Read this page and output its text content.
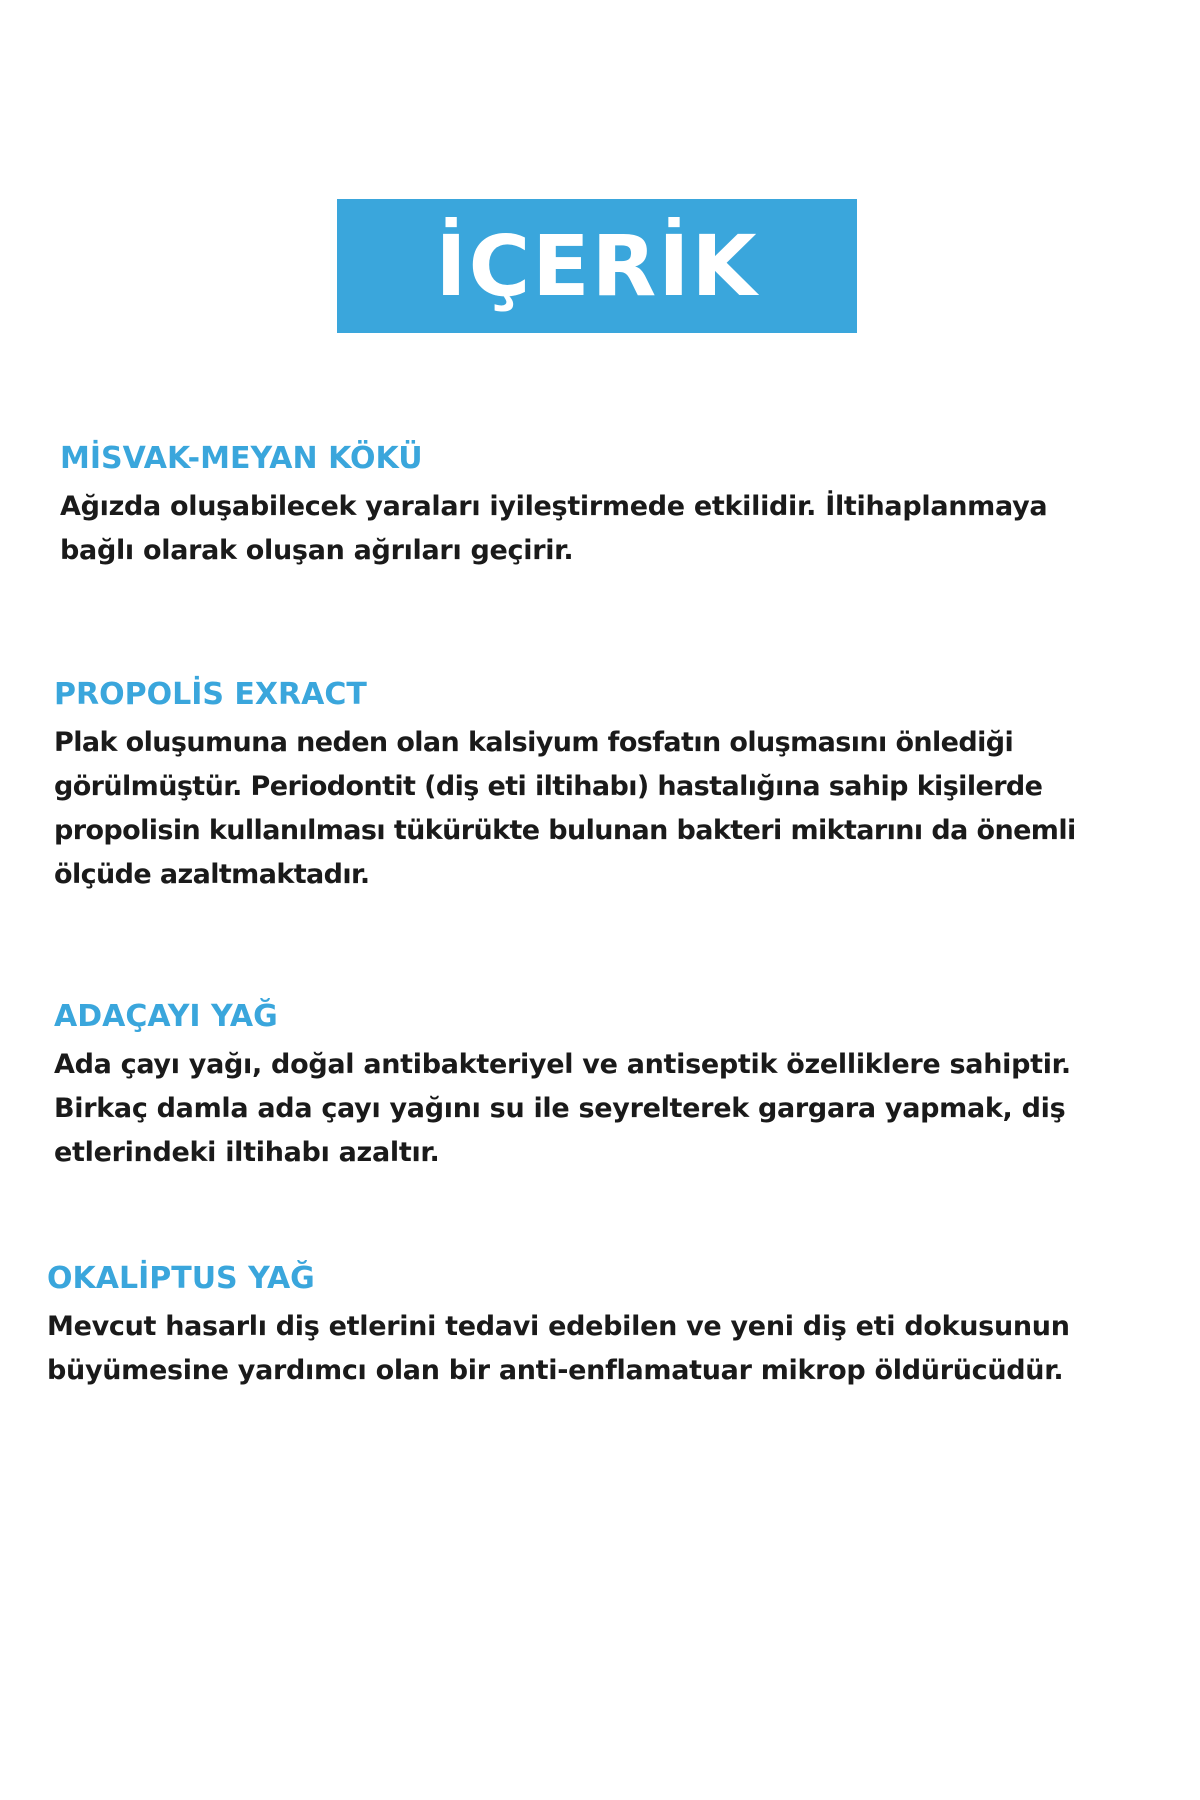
İÇERİK
MİSVAK-MEYAN KÖKÜ
Ağızda oluşabilecek yaraları iyileştirmede etkilidir. İltihaplanmaya
bağlı olarak oluşan ağrıları geçirir.
PROPOLİS EXRACT
Plak oluşumuna neden olan kalsiyum fosfatın oluşmasını önlediği
görülmüştür. Periodontit (diş eti iltihabı) hastalığına sahip kişilerde
propolisin kullanılması tükürükte bulunan bakteri miktarını da önemli
ölçüde azaltmaktadır.
ADAÇAYI YAĞ
Ada çayı yağı, doğal antibakteriyel ve antiseptik özelliklere sahiptir.
Birkaç damla ada çayı yağını su ile seyrelterek gargara yapmak, diş
etlerindeki iltihabı azaltır.
OKALİPTUS YAĞ
Mevcut hasarlı diş etlerini tedavi edebilen ve yeni diş eti dokusunun
büyümesine yardımcı olan bir anti-enflamatuar mikrop öldürücüdür.
